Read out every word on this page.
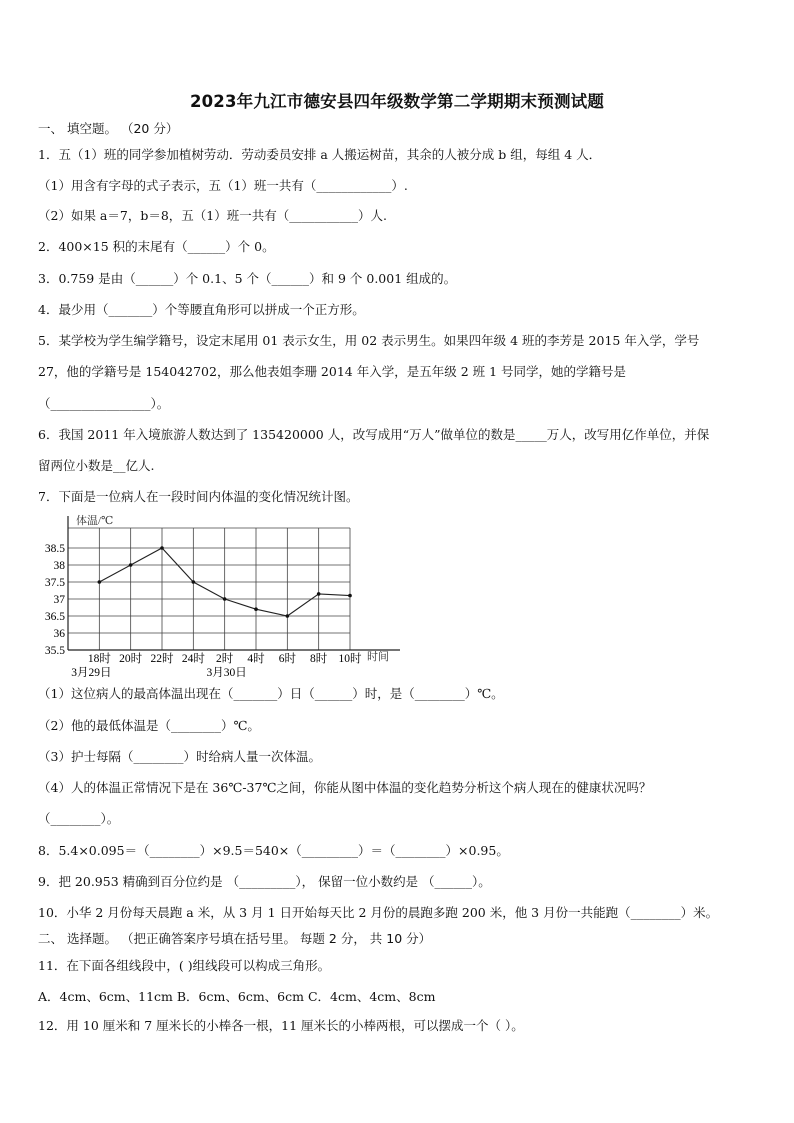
2023年九江市德安县四年级数学第二学期期末预测试题
一、 填空题。 （20 分）
1．五（1）班的同学参加植树劳动．劳动委员安排 a 人搬运树苗，其余的人被分成 b 组，每组 4 人．
（1）用含有字母的式子表示，五（1）班一共有（____________）.
（2）如果 a＝7，b＝8，五（1）班一共有（___________）人.
2．400×15 积的末尾有（______）个 0。
3．0.759 是由（______）个 0.1、5 个（______）和 9 个 0.001 组成的。
4．最少用（_______）个等腰直角形可以拼成一个正方形。
5．某学校为学生编学籍号，设定末尾用 01 表示女生，用 02 表示男生。如果四年级 4 班的李芳是 2015 年入学，学号
27，他的学籍号是 154042702，那么他表姐李珊 2014 年入学，是五年级 2 班 1 号同学，她的学籍号是
（________________）。
6．我国 2011 年入境旅游人数达到了 135420000 人，改写成用“万人”做单位的数是_____万人，改写用亿作单位，并保
留两位小数是__亿人.
7．下面是一位病人在一段时间内体温的变化情况统计图。
35.5
36
36.5
37
37.5
38
38.5
体温/℃
18时 20时 22时 24时 2时 4时 6时 8时 10时 时间
3月29日	3月30日
（1）这位病人的最高体温出现在（_______）日（______）时，是（________）℃。
（2）他的最低体温是（________）℃。
（3）护士每隔（________）时给病人量一次体温。
（4）人的体温正常情况下是在 36℃-37℃之间，你能从图中体温的变化趋势分析这个病人现在的健康状况吗？
（________）。
8．5.4×0.095＝（________）×9.5＝540×（_________）＝（________）×0.95。
9．把 20.953 精确到百分位约是 （_________）， 保留一位小数约是 （______）。
10．小华 2 月份每天晨跑 a 米，从 3 月 1 日开始每天比 2 月份的晨跑多跑 200 米，他 3 月份一共能跑（________）米。
二、 选择题。 （把正确答案序号填在括号里。 每题 2 分， 共 10 分）
11．在下面各组线段中，( )组线段可以构成三角形。
A．4cm、6cm、11cm B．6cm、6cm、6cm C．4cm、4cm、8cm
12．用 10 厘米和 7 厘米长的小棒各一根，11 厘米长的小棒两根，可以摆成一个（ ）。
